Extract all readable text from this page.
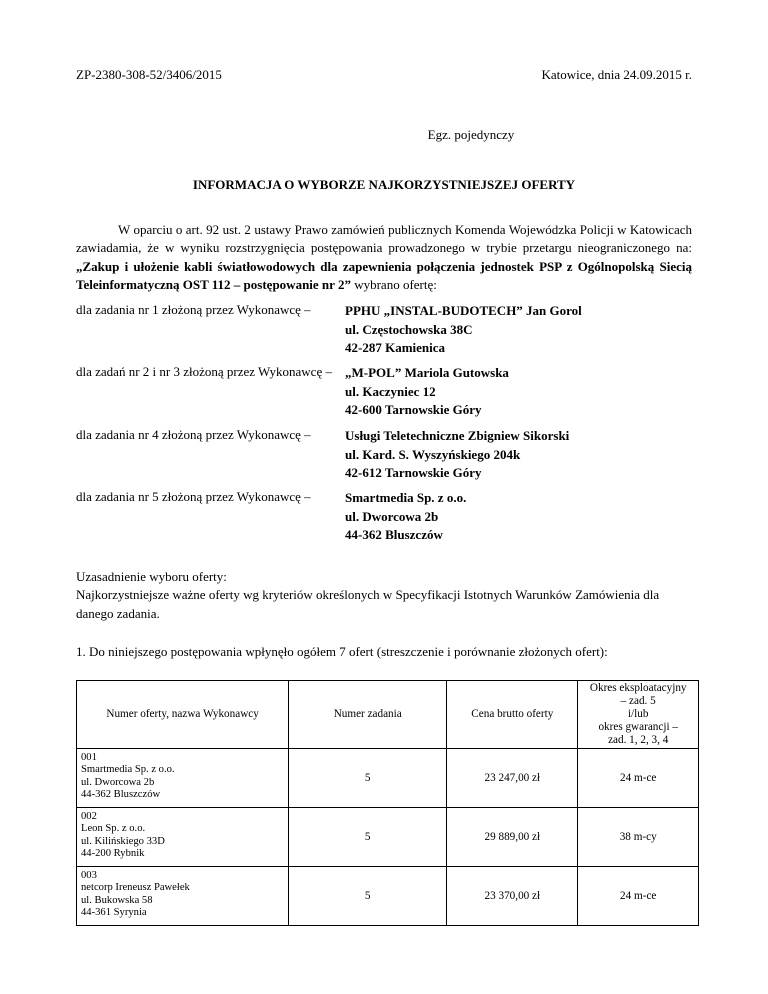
ZP-2380-308-52/3406/2015	Katowice, dnia 24.09.2015 r.
Egz. pojedynczy
INFORMACJA O WYBORZE NAJKORZYSTNIEJSZEJ OFERTY
W oparciu o art. 92 ust. 2 ustawy Prawo zamówień publicznych Komenda Wojewódzka Policji w Katowicach zawiadamia, że w wyniku rozstrzygnięcia postępowania prowadzonego w trybie przetargu nieograniczonego na: „Zakup i ułożenie kabli światłowodowych dla zapewnienia połączenia jednostek PSP z Ogólnopolską Siecią Teleinformatyczną OST 112 – postępowanie nr 2” wybrano ofertę:
dla zadania nr 1 złożoną przez Wykonawcę –	PPHU „INSTAL-BUDOTECH” Jan Gorol
ul. Częstochowska 38C
42-287 Kamienica
dla zadań nr 2 i nr 3 złożoną przez Wykonawcę – „M-POL” Mariola Gutowska
ul. Kaczyniec 12
42-600 Tarnowskie Góry
dla zadania nr 4 złożoną przez Wykonawcę –	Usługi Teletechniczne Zbigniew Sikorski
ul. Kard. S. Wyszyńskiego 204k
42-612 Tarnowskie Góry
dla zadania nr 5 złożoną przez Wykonawcę –	Smartmedia Sp. z o.o.
ul. Dworcowa 2b
44-362 Bluszczów
Uzasadnienie wyboru oferty:
Najkorzystniejsze ważne oferty wg kryteriów określonych w Specyfikacji Istotnych Warunków Zamówienia dla danego zadania.
1. Do niniejszego postępowania wpłynęło ogółem 7 ofert (streszczenie i porównanie złożonych ofert):
Numer oferty, nazwa Wykonawcy	Numer zadania	Cena brutto oferty	Okres eksploatacyjny
– zad. 5
i/lub
okres gwarancji –
zad. 1, 2, 3, 4

001
Smartmedia Sp. z o.o.
ul. Dworcowa 2b
44-362 Bluszczów	5	23 247,00 zł	24 m-ce

002
Leon Sp. z o.o.
ul. Kilińskiego 33D
44-200 Rybnik	5	29 889,00 zł	38 m-cy

003
netcorp Ireneusz Pawełek
ul. Bukowska 58
44-361 Syrynia	5	23 370,00 zł	24 m-ce
